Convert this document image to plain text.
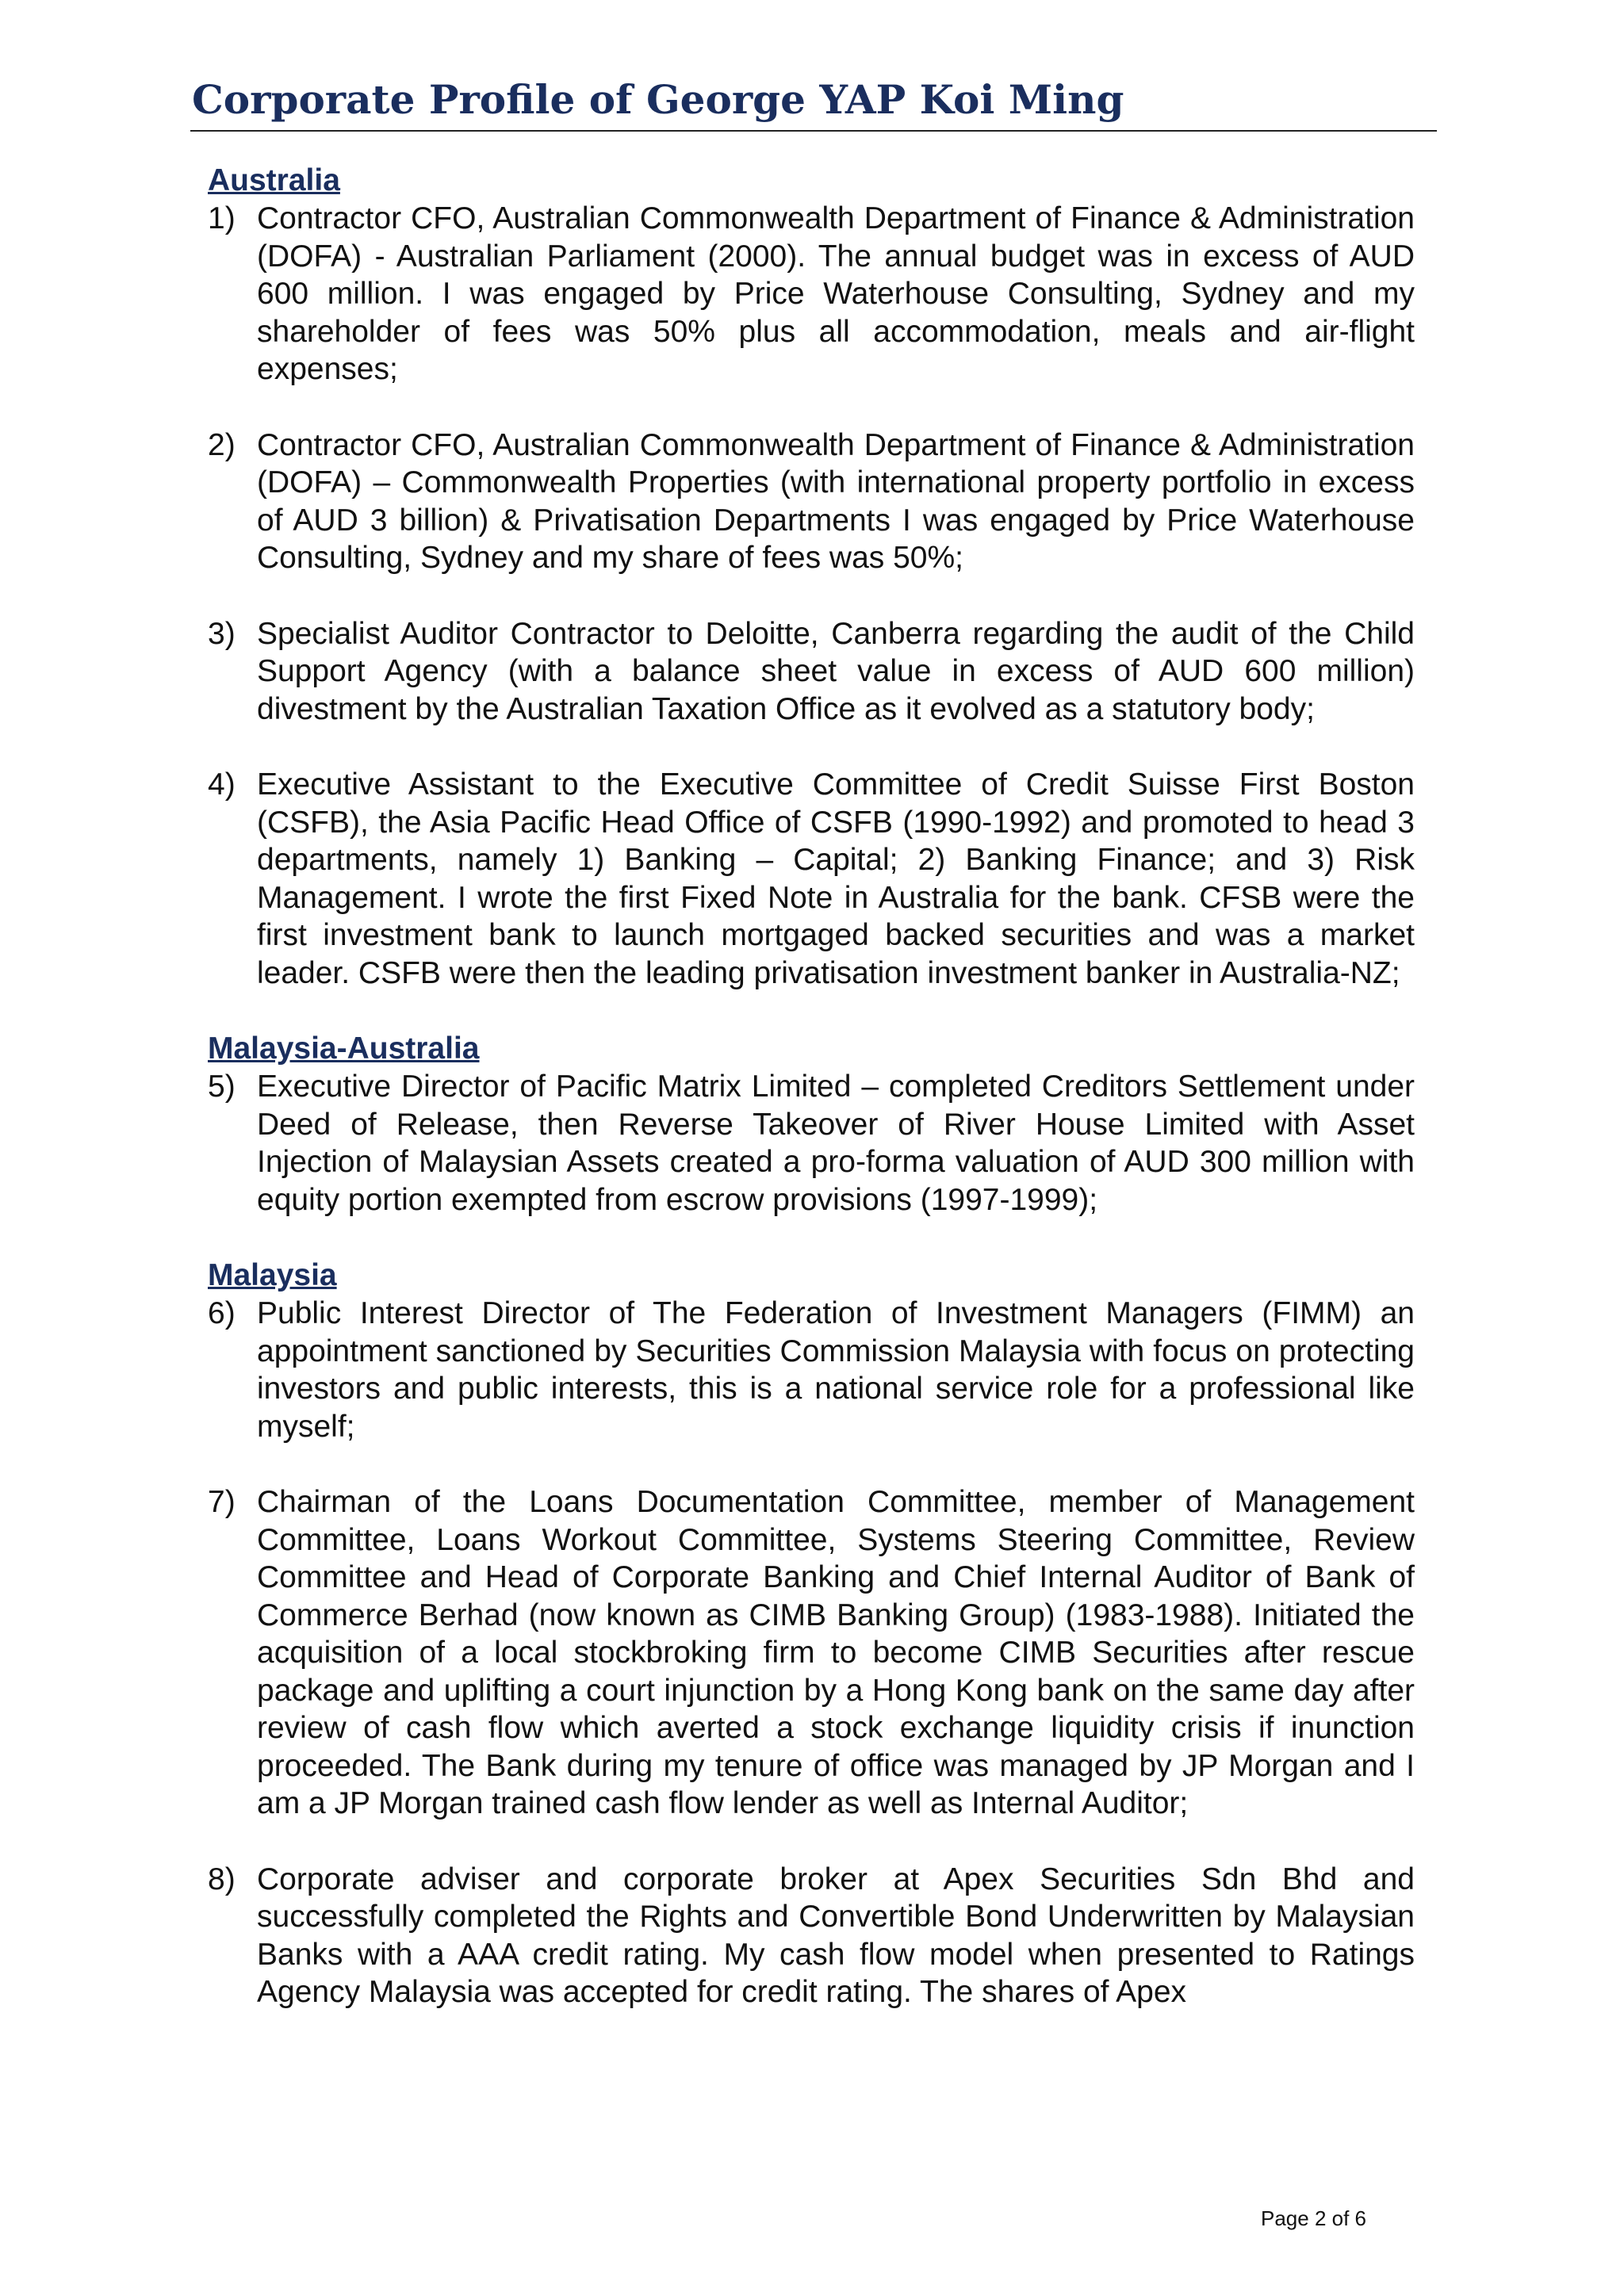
Corporate Profile of George YAP Koi Ming
Australia
1) Contractor CFO, Australian Commonwealth Department of Finance & Administration (DOFA) - Australian Parliament (2000). The annual budget was in excess of AUD 600 million. I was engaged by Price Waterhouse Consulting, Sydney and my shareholder of fees was 50% plus all accommodation, meals and air-flight expenses;
2) Contractor CFO, Australian Commonwealth Department of Finance & Administration (DOFA) – Commonwealth Properties (with international property portfolio in excess of AUD 3 billion) & Privatisation Departments I was engaged by Price Waterhouse Consulting, Sydney and my share of fees was 50%;
3) Specialist Auditor Contractor to Deloitte, Canberra regarding the audit of the Child Support Agency (with a balance sheet value in excess of AUD 600 million) divestment by the Australian Taxation Office as it evolved as a statutory body;
4) Executive Assistant to the Executive Committee of Credit Suisse First Boston (CSFB), the Asia Pacific Head Office of CSFB (1990-1992) and promoted to head 3 departments, namely 1) Banking – Capital; 2) Banking Finance; and 3) Risk Management. I wrote the first Fixed Note in Australia for the bank. CFSB were the first investment bank to launch mortgaged backed securities and was a market leader. CSFB were then the leading privatisation investment banker in Australia-NZ;
Malaysia-Australia
5) Executive Director of Pacific Matrix Limited – completed Creditors Settlement under Deed of Release, then Reverse Takeover of River House Limited with Asset Injection of Malaysian Assets created a pro-forma valuation of AUD 300 million with equity portion exempted from escrow provisions (1997-1999);
Malaysia
6) Public Interest Director of The Federation of Investment Managers (FIMM) an appointment sanctioned by Securities Commission Malaysia with focus on protecting investors and public interests, this is a national service role for a professional like myself;
7) Chairman of the Loans Documentation Committee, member of Management Committee, Loans Workout Committee, Systems Steering Committee, Review Committee and Head of Corporate Banking and Chief Internal Auditor of Bank of Commerce Berhad (now known as CIMB Banking Group) (1983-1988). Initiated the acquisition of a local stockbroking firm to become CIMB Securities after rescue package and uplifting a court injunction by a Hong Kong bank on the same day after review of cash flow which averted a stock exchange liquidity crisis if inunction proceeded. The Bank during my tenure of office was managed by JP Morgan and I am a JP Morgan trained cash flow lender as well as Internal Auditor;
8) Corporate adviser and corporate broker at Apex Securities Sdn Bhd and successfully completed the Rights and Convertible Bond Underwritten by Malaysian Banks with a AAA credit rating. My cash flow model when presented to Ratings Agency Malaysia was accepted for credit rating. The shares of Apex
Page 2 of 6
